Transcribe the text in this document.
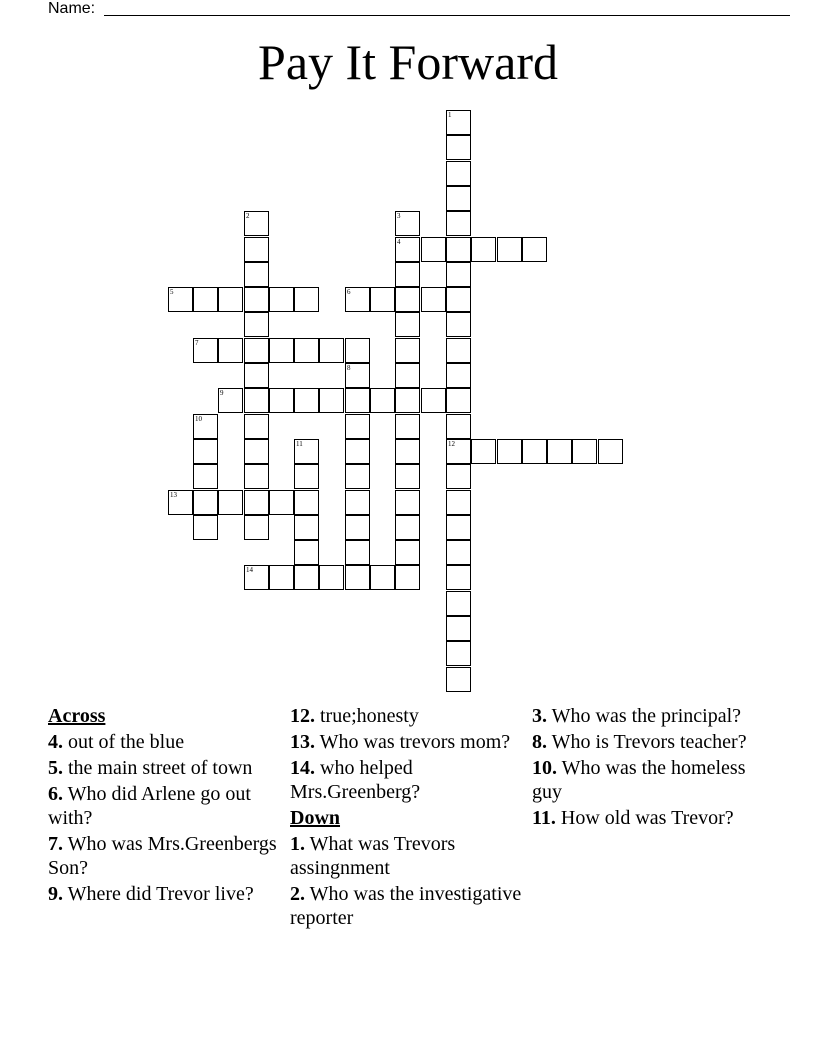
Name:
Pay It Forward
1
12
2	3
4
5	6
7
8
9
10
11
13
14
Across
4. out of the blue
5. the main street of town
6. Who did Arlene go out with?
7. Who was Mrs.Greenbergs Son?
9. Where did Trevor live?
12. true;honesty
13. Who was trevors mom?
14. who helped Mrs.Greenberg?
Down
1. What was Trevors assingnment
2. Who was the investigative reporter
3. Who was the principal?
8. Who is Trevors teacher?
10. Who was the homeless guy
11. How old was Trevor?
